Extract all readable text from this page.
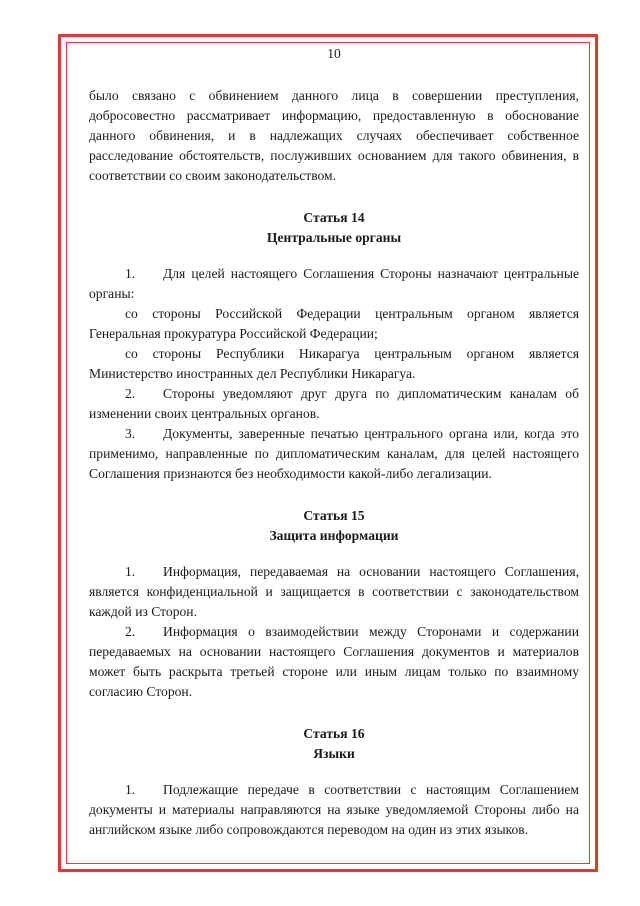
10

было связано с обвинением данного лица в совершении преступления, добросовестно рассматривает информацию, предоставленную в обоснование данного обвинения, и в надлежащих случаях обеспечивает собственное расследование обстоятельств, послуживших основанием для такого обвинения, в соответствии со своим законодательством.

Статья 14
Центральные органы

1. Для целей настоящего Соглашения Стороны назначают центральные органы:

со стороны Российской Федерации центральным органом является Генеральная прокуратура Российской Федерации;

со стороны Республики Никарагуа центральным органом является Министерство иностранных дел Республики Никарагуа.

2. Стороны уведомляют друг друга по дипломатическим каналам об изменении своих центральных органов.

3. Документы, заверенные печатью центрального органа или, когда это применимо, направленные по дипломатическим каналам, для целей настоящего Соглашения признаются без необходимости какой-либо легализации.

Статья 15
Защита информации

1. Информация, передаваемая на основании настоящего Соглашения, является конфиденциальной и защищается в соответствии с законодательством каждой из Сторон.

2. Информация о взаимодействии между Сторонами и содержании передаваемых на основании настоящего Соглашения документов и материалов может быть раскрыта третьей стороне или иным лицам только по взаимному согласию Сторон.

Статья 16
Языки

1. Подлежащие передаче в соответствии с настоящим Соглашением документы и материалы направляются на языке уведомляемой Стороны либо на английском языке либо сопровождаются переводом на один из этих языков.
